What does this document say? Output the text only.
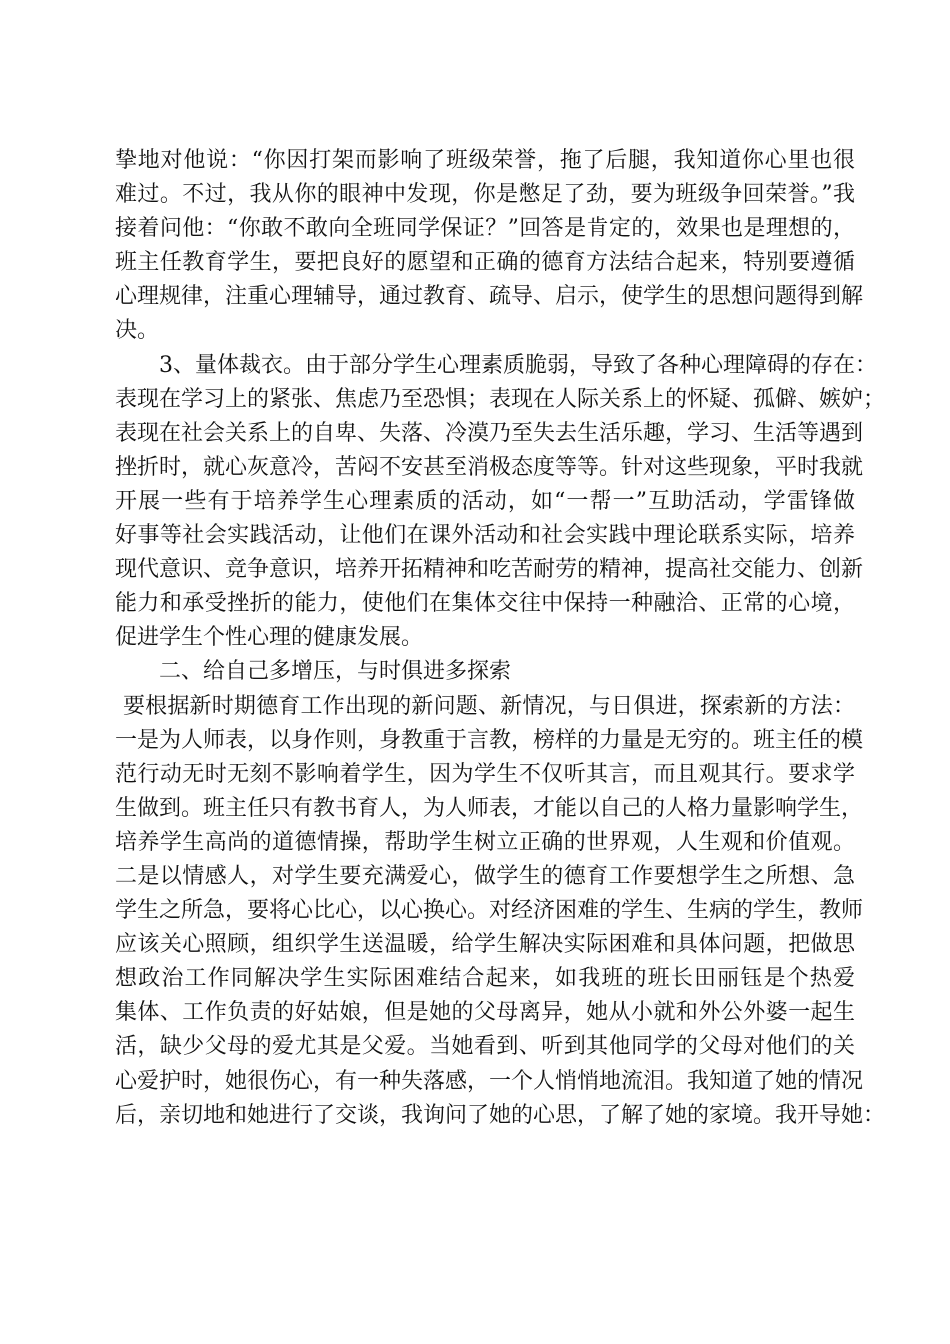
挚地对他说：“你因打架而影响了班级荣誉，拖了后腿，我知道你心里也很
难过。不过，我从你的眼神中发现，你是憋足了劲，要为班级争回荣誉。”我
接着问他：“你敢不敢向全班同学保证？”回答是肯定的，效果也是理想的，
班主任教育学生，要把良好的愿望和正确的德育方法结合起来，特别要遵循
心理规律，注重心理辅导，通过教育、疏导、启示，使学生的思想问题得到解
决。
3、量体裁衣。由于部分学生心理素质脆弱，导致了各种心理障碍的存在：
表现在学习上的紧张、焦虑乃至恐惧；表现在人际关系上的怀疑、孤僻、嫉妒；
表现在社会关系上的自卑、失落、冷漠乃至失去生活乐趣，学习、生活等遇到
挫折时，就心灰意冷，苦闷不安甚至消极态度等等。针对这些现象，平时我就
开展一些有于培养学生心理素质的活动，如“一帮一”互助活动，学雷锋做
好事等社会实践活动，让他们在课外活动和社会实践中理论联系实际，培养
现代意识、竞争意识，培养开拓精神和吃苦耐劳的精神，提高社交能力、创新
能力和承受挫折的能力，使他们在集体交往中保持一种融洽、正常的心境，
促进学生个性心理的健康发展。
二、给自己多增压，与时俱进多探索
要根据新时期德育工作出现的新问题、新情况，与日俱进，探索新的方法：
一是为人师表，以身作则，身教重于言教，榜样的力量是无穷的。班主任的模
范行动无时无刻不影响着学生，因为学生不仅听其言，而且观其行。要求学
生做到。班主任只有教书育人，为人师表，才能以自己的人格力量影响学生，
培养学生高尚的道德情操，帮助学生树立正确的世界观，人生观和价值观。
二是以情感人，对学生要充满爱心，做学生的德育工作要想学生之所想、急
学生之所急，要将心比心，以心换心。对经济困难的学生、生病的学生，教师
应该关心照顾，组织学生送温暖，给学生解决实际困难和具体问题，把做思
想政治工作同解决学生实际困难结合起来，如我班的班长田丽钰是个热爱
集体、工作负责的好姑娘，但是她的父母离异，她从小就和外公外婆一起生
活，缺少父母的爱尤其是父爱。当她看到、听到其他同学的父母对他们的关
心爱护时，她很伤心，有一种失落感，一个人悄悄地流泪。我知道了她的情况
后，亲切地和她进行了交谈，我询问了她的心思，了解了她的家境。我开导她：
